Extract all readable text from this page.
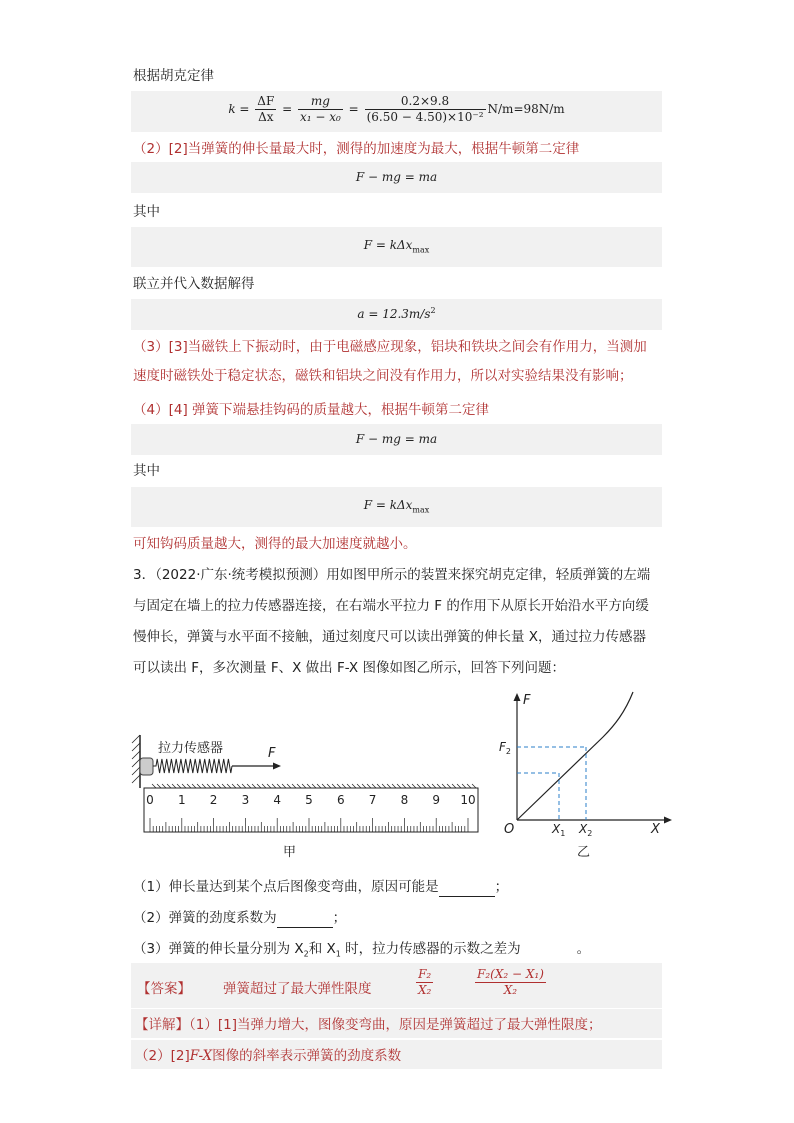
根据胡克定律
$k = \frac{\Delta F}{\Delta x} = \frac{mg}{\text{x₁ − x₀}} = \frac{0.2\times 9.8}{\text{(6.50 − 4.50)×10⁻²}} N/m=98N/m$
（2）[2]当弹簧的伸长量最大时，测得的加速度为最大，根据牛顿第二定律
F − mg = ma
其中
F = kΔx$_{max}$
联立并代入数据解得
$a = 12.3m/s^2$
（3）[3]当磁铁上下振动时，由于电磁感应现象，铝块和铁块之间会有作用力，当测加
速度时磁铁处于稳定状态，磁铁和铝块之间没有作用力，所以对实验结果没有影响；
（4）[4] 弹簧下端悬挂钩码的质量越大，根据牛顿第二定律
F − mg = ma
其中
F = kΔx$_{max}$
可知钩码质量越大，测得的最大加速度就越小。
3．（2022·广东·统考模拟预测）用如图甲所示的装置来探究胡克定律，轻质弹簧的左端
与固定在墙上的拉力传感器连接，在右端水平拉力 F 的作用下从原长开始沿水平方向缓
慢伸长，弹簧与水平面不接触，通过刻度尺可以读出弹簧的伸长量 X，通过拉力传感器
可以读出 F，多次测量 F、X 做出 F-X 图像如图乙所示，回答下列问题：
拉力传感器	F
0 1 2 3 4 5 6 7 8 9 10
甲
F
X
O
$F_2$
$X_1$ $X_2$
乙
（1）伸长量达到某个点后图像变弯曲，原因可能是	；
（2）弹簧的劲度系数为	；
（3）弹簧的伸长量分别为 $X_2$和 $X_1$ 时，拉力传感器的示数之差为	。
【答案】 弹簧超过了最大弹性限度	$\frac{\text{F₂}}{\text{X₂}}$	$\frac{\text{F₂(X₂ − X₁)}}{\text{X₂}}$
【详解】（1）[1]当弹力增大，图像变弯曲，原因是弹簧超过了最大弹性限度；
（2）[2]F-X图像的斜率表示弹簧的劲度系数
